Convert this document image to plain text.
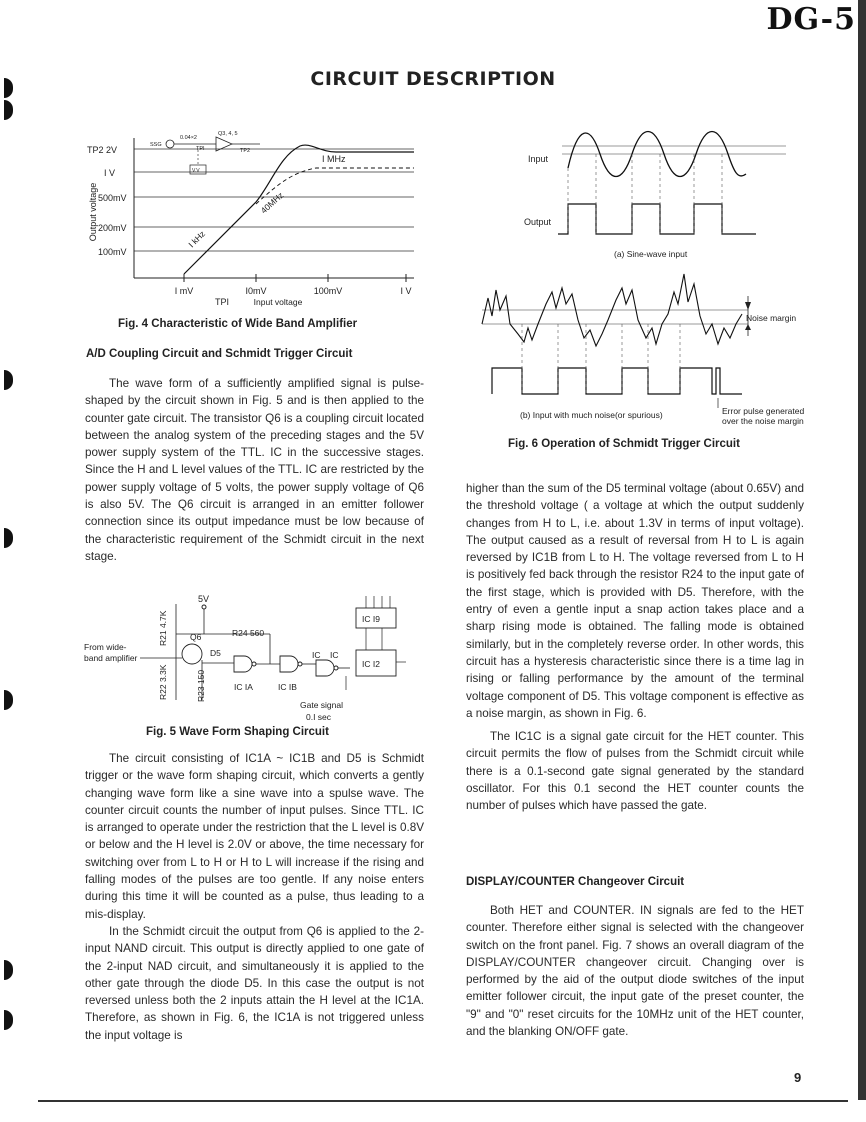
DG-5
CIRCUIT DESCRIPTION
Output voltage
TP2 2V
I V
500mV
200mV
100mV
I mV	I0mV	100mV	I V
TPI	Input voltage
I MHz
40MHz
I kHz
SSG
0.04×2
TPI
Q3, 4, 5
TP2
V.V
Fig. 4 Characteristic of Wide Band Amplifier
A/D Coupling Circuit and Schmidt Trigger Circuit

The wave form of a sufficiently amplified signal is pulse-shaped by the circuit shown in Fig. 5 and is then applied to the counter gate circuit. The transistor Q6 is a coupling circuit located between the analog system of the preceding stages and the 5V power supply system of the TTL. IC in the successive stages. Since the H and L level values of the TTL. IC are restricted by the power supply voltage of 5 volts, the power supply voltage of Q6 is also 5V. The Q6 circuit is arranged in an emitter follower connection since its output impedance must be low because of the characteristic requirement of the Schmidt circuit in the next stage.

5V
R21 4.7K	Q6
From wide-
band amplifier
R22 3.3K	R23 150
D5
R24 560
IC IA	IC IB
IC IC
IC I9
IC I2
Gate signal
0.I sec
Fig. 5 Wave Form Shaping Circuit

The circuit consisting of IC1A ~ IC1B and D5 is Schmidt trigger or the wave form shaping circuit, which converts a gently changing wave form like a sine wave into a spulse wave. The counter circuit counts the number of input pulses. Since TTL. IC is arranged to operate under the restriction that the L level is 0.8V or below and the H level is 2.0V or above, the time necessary for switching over from L to H or H to L will increase if the rising and falling modes of the pulses are too gentle. If any noise enters during this time it will be counted as a pulse, thus leading to a mis-display.

In the Schmidt circuit the output from Q6 is applied to the 2-input NAND circuit. This output is directly applied to one gate of the 2-input NAD circuit, and simultaneously it is applied to the other gate through the diode D5. In this case the output is not reversed unless both the 2 inputs attain the H level at the IC1A. Therefore, as shown in Fig. 6, the IC1A is not triggered unless the input voltage is

Input
Output
(a) Sine-wave input
Noise margin
(b) Input with much noise(or spurious)	Error pulse generated
over the noise margin
Fig. 6 Operation of Schmidt Trigger Circuit

higher than the sum of the D5 terminal voltage (about 0.65V) and the threshold voltage ( a voltage at which the output suddenly changes from H to L, i.e. about 1.3V in terms of input voltage). The output caused as a result of reversal from H to L is again reversed by IC1B from L to H. The voltage reversed from L to H is positively fed back through the resistor R24 to the input gate of the first stage, which is provided with D5. Therefore, with the entry of even a gentle input a snap action takes place and a sharp rising mode is obtained. The falling mode is obtained similarly, but in the completely reverse order. In other words, this circuit has a hysteresis characteristic since there is a time lag in rising or falling performance by the amount of the terminal voltage component of D5. This voltage component is effective as a noise margin, as shown in Fig. 6.

The IC1C is a signal gate circuit for the HET counter. This circuit permits the flow of pulses from the Schmidt circuit while there is a 0.1-second gate signal generated by the standard oscillator. For this 0.1 second the HET counter counts the number of pulses which have passed the gate.

DISPLAY/COUNTER Changeover Circuit

Both HET and COUNTER. IN signals are fed to the HET counter. Therefore either signal is selected with the changeover switch on the front panel. Fig. 7 shows an overall diagram of the DISPLAY/COUNTER changeover circuit. Changing over is performed by the aid of the output diode switches of the input emitter follower circuit, the input gate of the preset counter, the "9" and "0" reset circuits for the 10MHz unit of the HET counter, and the blanking ON/OFF gate.

9
